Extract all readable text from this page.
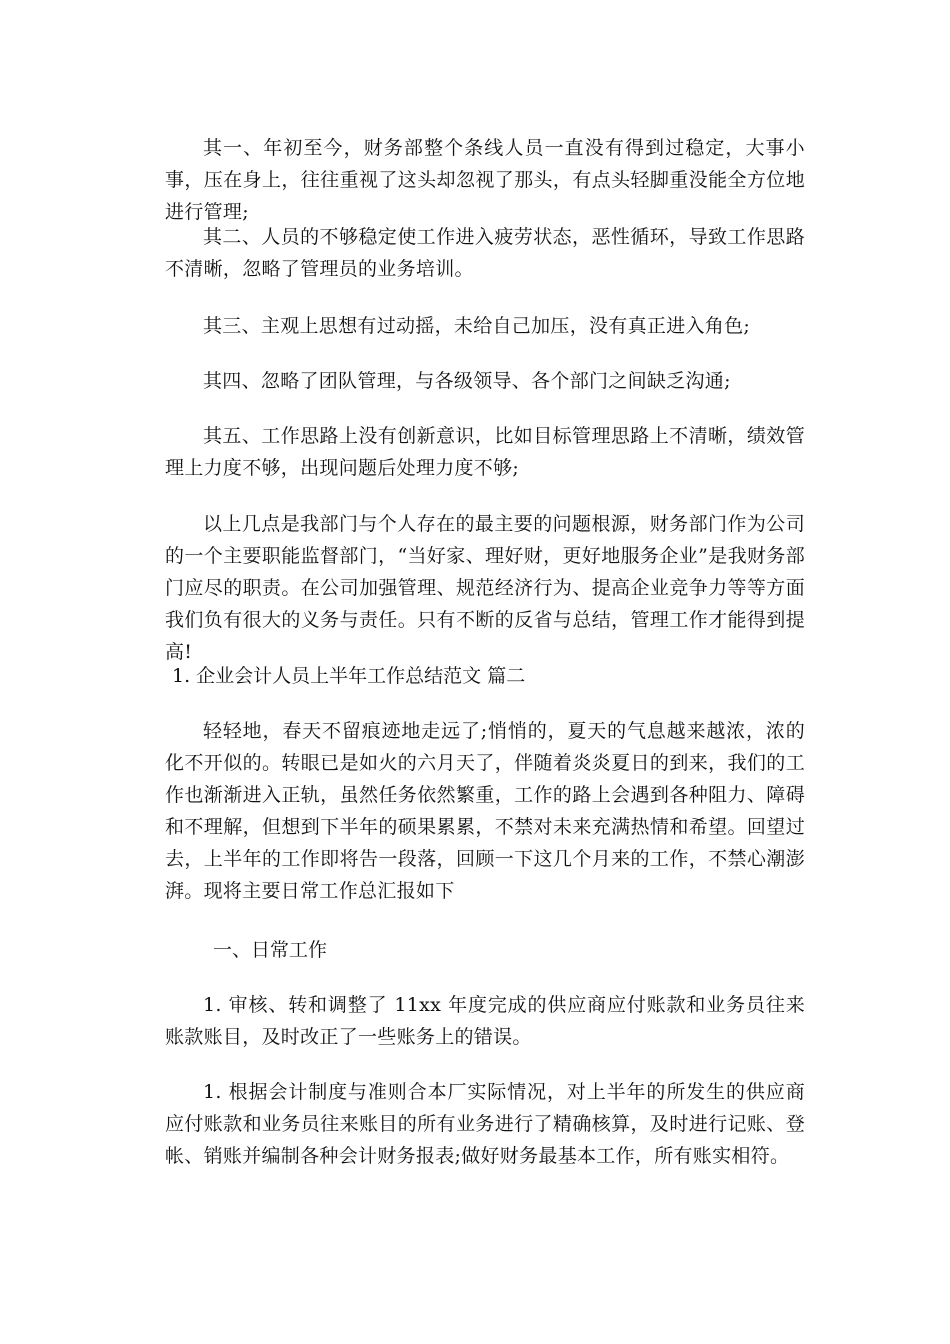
其一、年初至今，财务部整个条线人员一直没有得到过稳定，大事小事，压在身上，往往重视了这头却忽视了那头，有点头轻脚重没能全方位地进行管理;

其二、人员的不够稳定使工作进入疲劳状态，恶性循环，导致工作思路不清晰，忽略了管理员的业务培训。

其三、主观上思想有过动摇，未给自己加压，没有真正进入角色;

其四、忽略了团队管理，与各级领导、各个部门之间缺乏沟通;

其五、工作思路上没有创新意识，比如目标管理思路上不清晰，绩效管理上力度不够，出现问题后处理力度不够;

以上几点是我部门与个人存在的最主要的问题根源，财务部门作为公司的一个主要职能监督部门，“当好家、理好财，更好地服务企业”是我财务部门应尽的职责。在公司加强管理、规范经济行为、提高企业竞争力等等方面我们负有很大的义务与责任。只有不断的反省与总结，管理工作才能得到提高!

1. 企业会计人员上半年工作总结范文 篇二

轻轻地，春天不留痕迹地走远了;悄悄的，夏天的气息越来越浓，浓的化不开似的。转眼已是如火的六月天了，伴随着炎炎夏日的到来，我们的工作也渐渐进入正轨，虽然任务依然繁重，工作的路上会遇到各种阻力、障碍和不理解，但想到下半年的硕果累累，不禁对未来充满热情和希望。回望过去，上半年的工作即将告一段落，回顾一下这几个月来的工作，不禁心潮澎湃。现将主要日常工作总汇报如下

一、日常工作

1. 审核、转和调整了 11xx 年度完成的供应商应付账款和业务员往来账款账目，及时改正了一些账务上的错误。

1. 根据会计制度与准则合本厂实际情况，对上半年的所发生的供应商应付账款和业务员往来账目的所有业务进行了精确核算，及时进行记账、登帐、销账并编制各种会计财务报表;做好财务最基本工作，所有账实相符。
